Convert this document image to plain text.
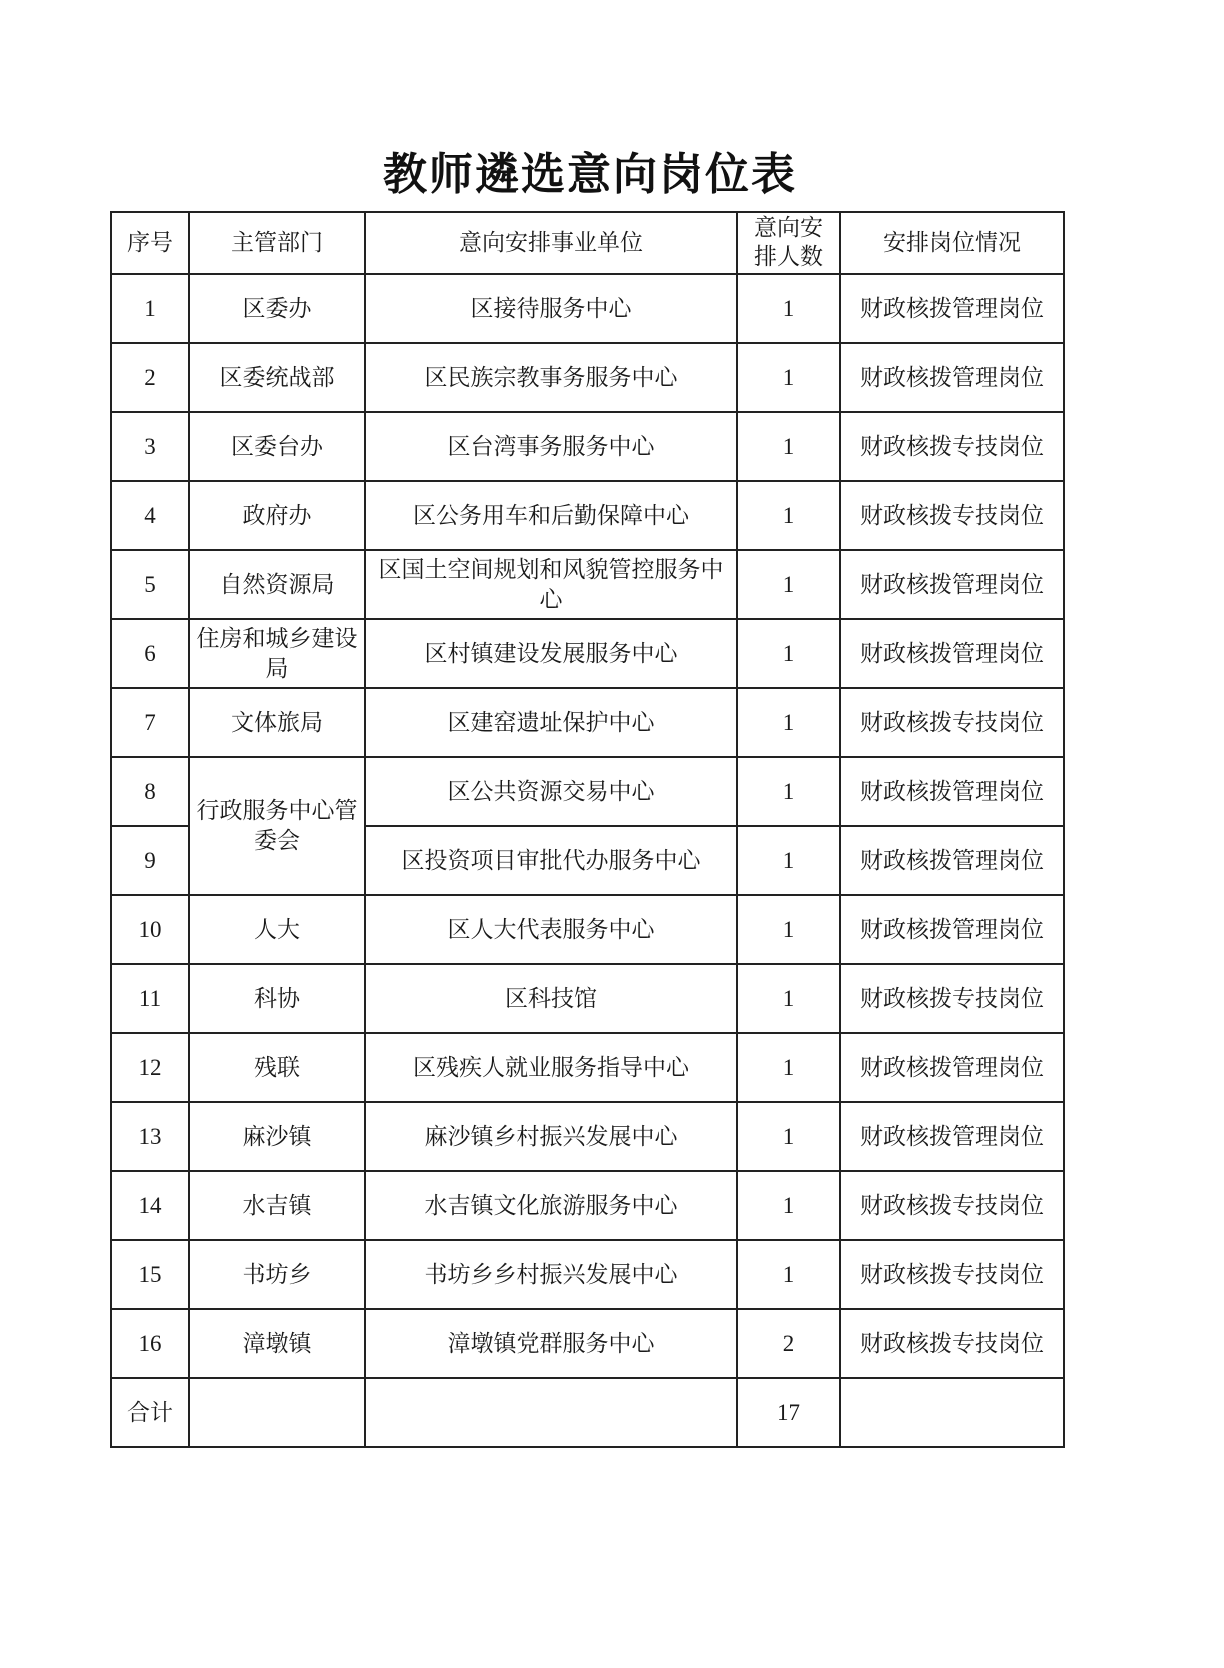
教师遴选意向岗位表
序号	主管部门	意向安排事业单位	意向安排人数	安排岗位情况
1	区委办	区接待服务中心	1	财政核拨管理岗位
2	区委统战部	区民族宗教事务服务中心	1	财政核拨管理岗位
3	区委台办	区台湾事务服务中心	1	财政核拨专技岗位
4	政府办	区公务用车和后勤保障中心	1	财政核拨专技岗位
5	自然资源局	区国土空间规划和风貌管控服务中心	1	财政核拨管理岗位
6	住房和城乡建设局	区村镇建设发展服务中心	1	财政核拨管理岗位
7	文体旅局	区建窑遗址保护中心	1	财政核拨专技岗位
8	行政服务中心管委会	区公共资源交易中心	1	财政核拨管理岗位
9		区投资项目审批代办服务中心	1	财政核拨管理岗位
10	人大	区人大代表服务中心	1	财政核拨管理岗位
11	科协	区科技馆	1	财政核拨专技岗位
12	残联	区残疾人就业服务指导中心	1	财政核拨管理岗位
13	麻沙镇	麻沙镇乡村振兴发展中心	1	财政核拨管理岗位
14	水吉镇	水吉镇文化旅游服务中心	1	财政核拨专技岗位
15	书坊乡	书坊乡乡村振兴发展中心	1	财政核拨专技岗位
16	漳墩镇	漳墩镇党群服务中心	2	财政核拨专技岗位
合计			17	
